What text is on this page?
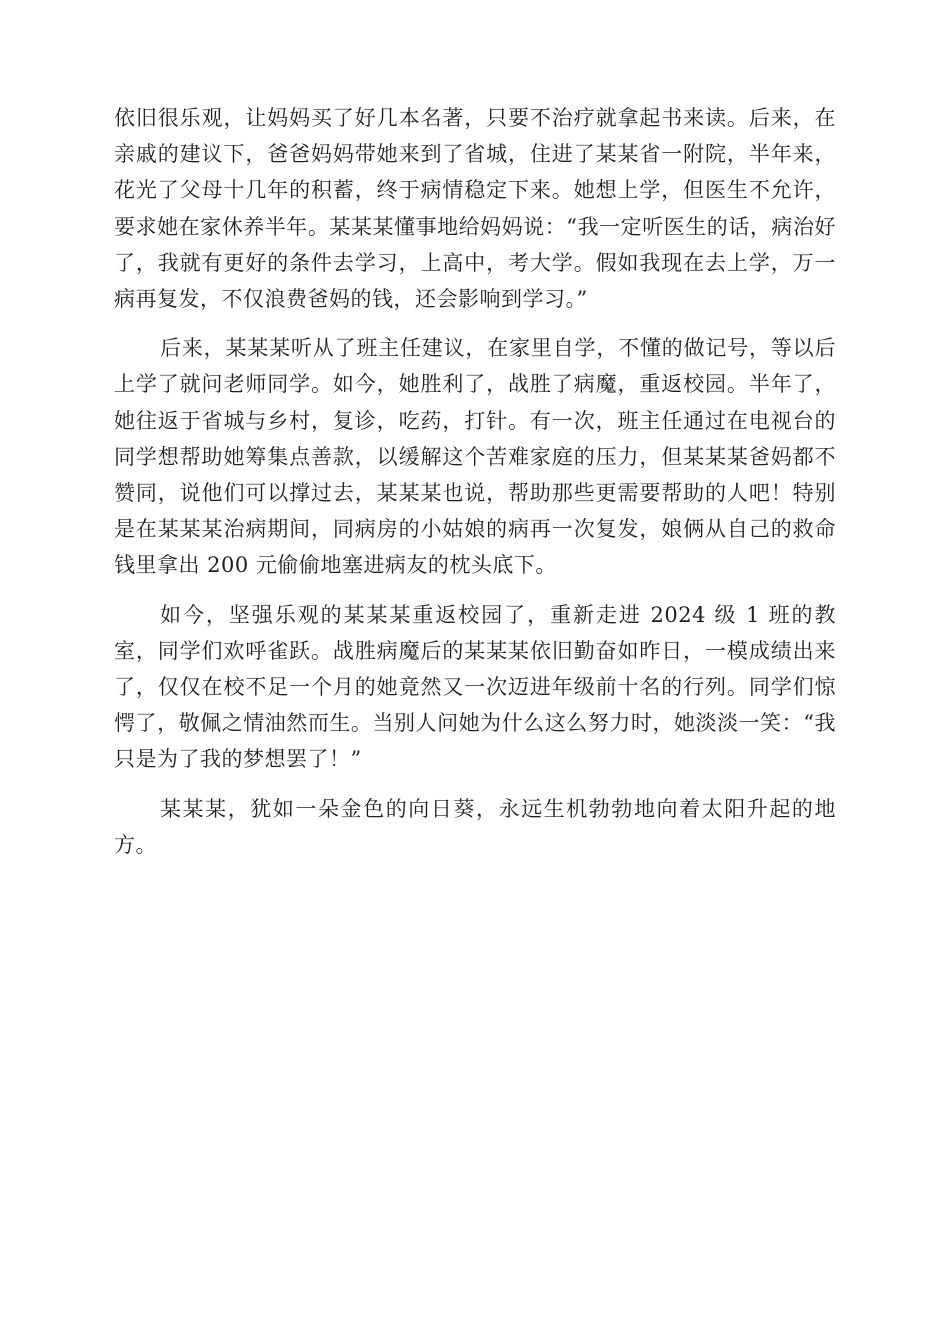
依旧很乐观，让妈妈买了好几本名著，只要不治疗就拿起书来读。后来，在亲戚的建议下，爸爸妈妈带她来到了省城，住进了某某省一附院，半年来，花光了父母十几年的积蓄，终于病情稳定下来。她想上学，但医生不允许，要求她在家休养半年。某某某懂事地给妈妈说：“我一定听医生的话，病治好了，我就有更好的条件去学习，上高中，考大学。假如我现在去上学，万一病再复发，不仅浪费爸妈的钱，还会影响到学习。”

后来，某某某听从了班主任建议，在家里自学，不懂的做记号，等以后上学了就问老师同学。如今，她胜利了，战胜了病魔，重返校园。半年了，她往返于省城与乡村，复诊，吃药，打针。有一次，班主任通过在电视台的同学想帮助她筹集点善款，以缓解这个苦难家庭的压力，但某某某爸妈都不赞同，说他们可以撑过去，某某某也说，帮助那些更需要帮助的人吧！特别是在某某某治病期间，同病房的小姑娘的病再一次复发，娘俩从自己的救命钱里拿出 200 元偷偷地塞进病友的枕头底下。

如今，坚强乐观的某某某重返校园了，重新走进 2024 级 1 班的教室，同学们欢呼雀跃。战胜病魔后的某某某依旧勤奋如昨日，一模成绩出来了，仅仅在校不足一个月的她竟然又一次迈进年级前十名的行列。同学们惊愕了，敬佩之情油然而生。当别人问她为什么这么努力时，她淡淡一笑：“我只是为了我的梦想罢了！”

某某某，犹如一朵金色的向日葵，永远生机勃勃地向着太阳升起的地方。
